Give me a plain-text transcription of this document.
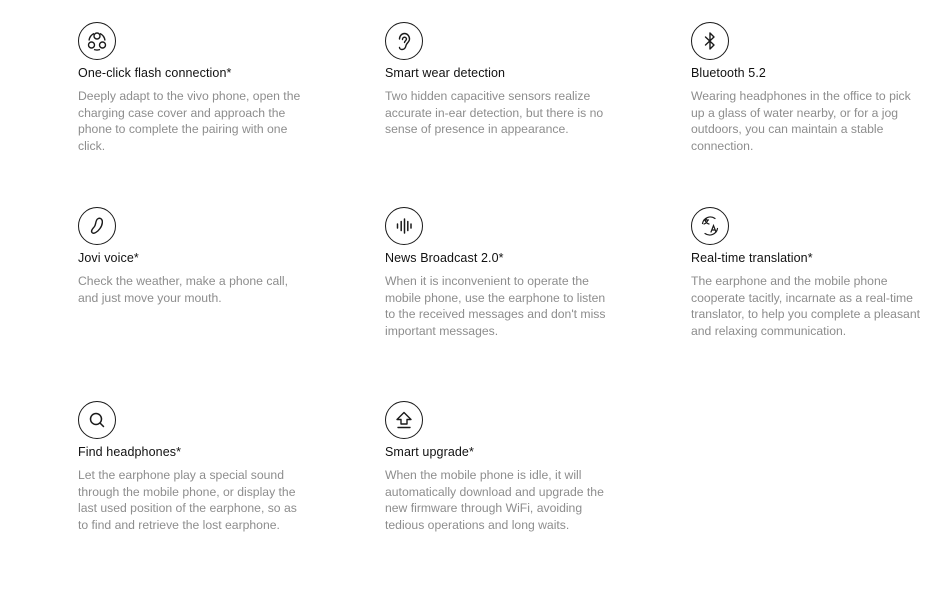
One-click flash connection*

Deeply adapt to the vivo phone, open the charging case cover and approach the phone to complete the pairing with one click.

Smart wear detection

Two hidden capacitive sensors realize accurate in-ear detection, but there is no sense of presence in appearance.

Bluetooth 5.2

Wearing headphones in the office to pick up a glass of water nearby, or for a jog outdoors, you can maintain a stable connection.

Jovi voice*

Check the weather, make a phone call, and just move your mouth.

News Broadcast 2.0*

When it is inconvenient to operate the mobile phone, use the earphone to listen to the received messages and don't miss important messages.

Real-time translation*

The earphone and the mobile phone cooperate tacitly, incarnate as a real-time translator, to help you complete a pleasant and relaxing communication.

Find headphones*

Let the earphone play a special sound through the mobile phone, or display the last used position of the earphone, so as to find and retrieve the lost earphone.

Smart upgrade*

When the mobile phone is idle, it will automatically download and upgrade the new firmware through WiFi, avoiding tedious operations and long waits.
